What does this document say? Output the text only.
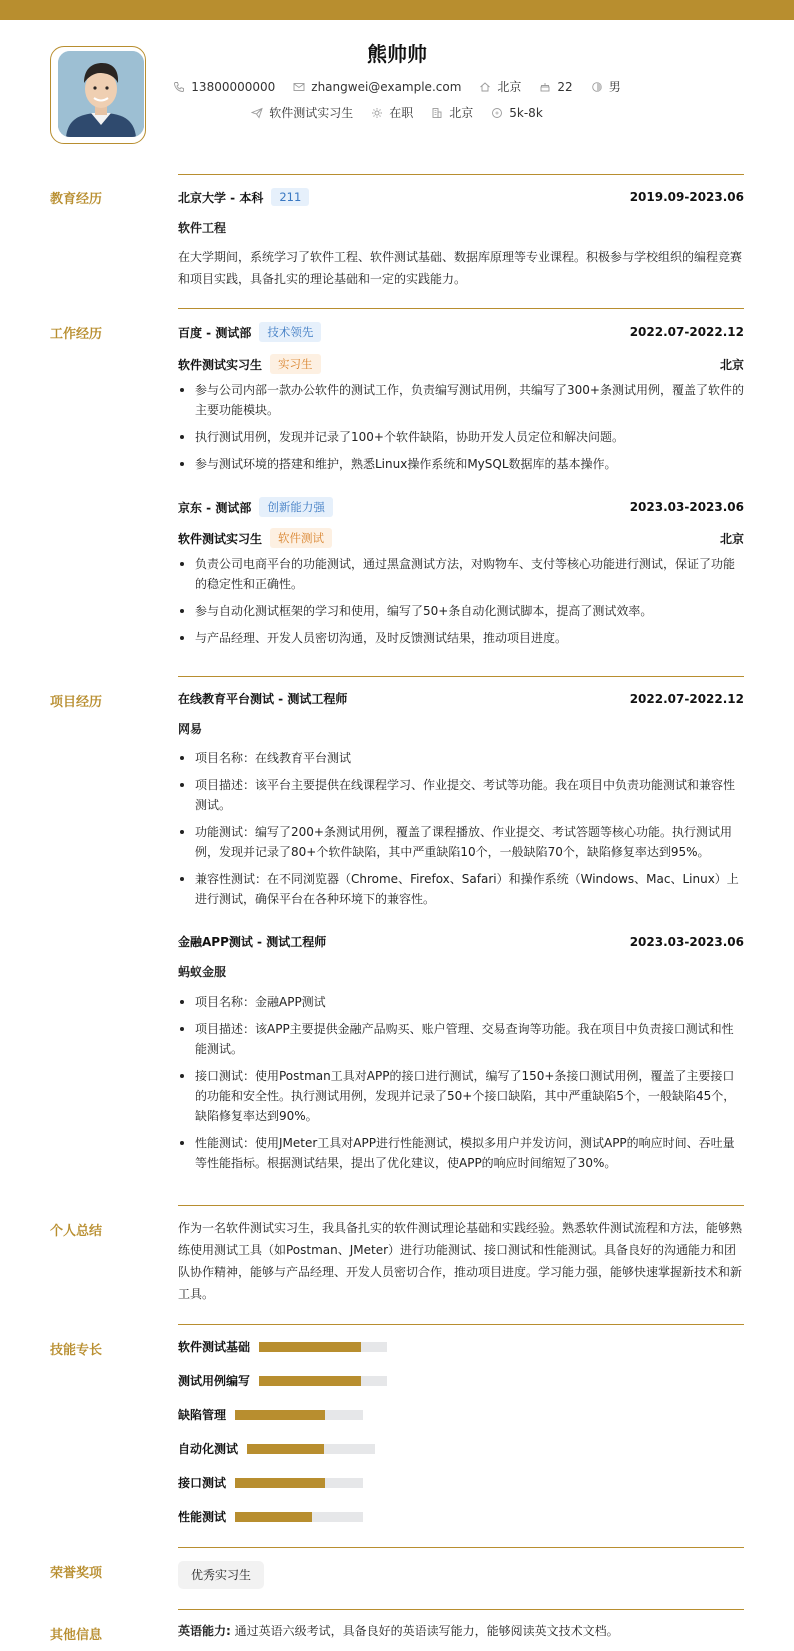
熊帅帅
13800000000	zhangwei@example.com	北京	22	男
软件测试实习生	在职	北京	5k-8k
教育经历	北京大学 - 本科	211	2019.09-2023.06
软件工程
在大学期间，系统学习了软件工程、软件测试基础、数据库原理等专业课程。积极参与学校组织的编程竞赛和项目实践，具备扎实的理论基础和一定的实践能力。
工作经历	百度 - 测试部	技术领先	2022.07-2022.12
软件测试实习生	实习生	北京
参与公司内部一款办公软件的测试工作，负责编写测试用例，共编写了300+条测试用例，覆盖了软件的主要功能模块。
执行测试用例，发现并记录了100+个软件缺陷，协助开发人员定位和解决问题。
参与测试环境的搭建和维护，熟悉Linux操作系统和MySQL数据库的基本操作。
京东 - 测试部	创新能力强	2023.03-2023.06
软件测试实习生	软件测试	北京
负责公司电商平台的功能测试，通过黑盒测试方法，对购物车、支付等核心功能进行测试，保证了功能的稳定性和正确性。
参与自动化测试框架的学习和使用，编写了50+条自动化测试脚本，提高了测试效率。
与产品经理、开发人员密切沟通，及时反馈测试结果，推动项目进度。
项目经历	在线教育平台测试 - 测试工程师	2022.07-2022.12
网易
项目名称：在线教育平台测试
项目描述：该平台主要提供在线课程学习、作业提交、考试等功能。我在项目中负责功能测试和兼容性测试。
功能测试：编写了200+条测试用例，覆盖了课程播放、作业提交、考试答题等核心功能。执行测试用例，发现并记录了80+个软件缺陷，其中严重缺陷10个，一般缺陷70个，缺陷修复率达到95%。
兼容性测试：在不同浏览器（Chrome、Firefox、Safari）和操作系统（Windows、Mac、Linux）上进行测试，确保平台在各种环境下的兼容性。
金融APP测试 - 测试工程师	2023.03-2023.06
蚂蚁金服
项目名称：金融APP测试
项目描述：该APP主要提供金融产品购买、账户管理、交易查询等功能。我在项目中负责接口测试和性能测试。
接口测试：使用Postman工具对APP的接口进行测试，编写了150+条接口测试用例，覆盖了主要接口的功能和安全性。执行测试用例，发现并记录了50+个接口缺陷，其中严重缺陷5个，一般缺陷45个，缺陷修复率达到90%。
性能测试：使用JMeter工具对APP进行性能测试，模拟多用户并发访问，测试APP的响应时间、吞吐量等性能指标。根据测试结果，提出了优化建议，使APP的响应时间缩短了30%。
个人总结	作为一名软件测试实习生，我具备扎实的软件测试理论基础和实践经验。熟悉软件测试流程和方法，能够熟练使用测试工具（如Postman、JMeter）进行功能测试、接口测试和性能测试。具备良好的沟通能力和团队协作精神，能够与产品经理、开发人员密切合作，推动项目进度。学习能力强，能够快速掌握新技术和新工具。
技能专长	软件测试基础
测试用例编写
缺陷管理
自动化测试
接口测试
性能测试
荣誉奖项	优秀实习生
其他信息	英语能力: 通过英语六级考试，具备良好的英语读写能力，能够阅读英文技术文档。
